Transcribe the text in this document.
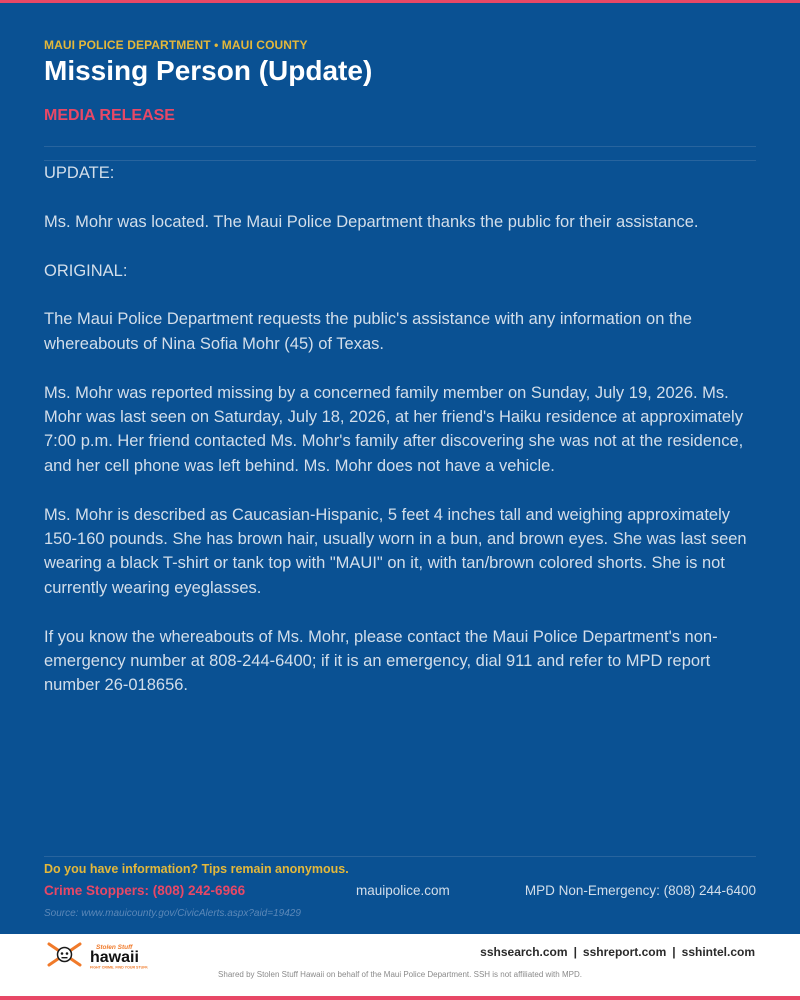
MAUI POLICE DEPARTMENT • MAUI COUNTY
Missing Person (Update)
MEDIA RELEASE

UPDATE:

Ms. Mohr was located. The Maui Police Department thanks the public for their assistance.

ORIGINAL:

The Maui Police Department requests the public's assistance with any information on the whereabouts of Nina Sofia Mohr (45) of Texas.

Ms. Mohr was reported missing by a concerned family member on Sunday, July 19, 2026. Ms. Mohr was last seen on Saturday, July 18, 2026, at her friend's Haiku residence at approximately 7:00 p.m. Her friend contacted Ms. Mohr's family after discovering she was not at the residence, and her cell phone was left behind. Ms. Mohr does not have a vehicle.

Ms. Mohr is described as Caucasian-Hispanic, 5 feet 4 inches tall and weighing approximately 150-160 pounds. She has brown hair, usually worn in a bun, and brown eyes. She was last seen wearing a black T-shirt or tank top with "MAUI" on it, with tan/brown colored shorts. She is not currently wearing eyeglasses.

If you know the whereabouts of Ms. Mohr, please contact the Maui Police Department's non-emergency number at 808-244-6400; if it is an emergency, dial 911 and refer to MPD report number 26-018656.

Do you have information? Tips remain anonymous.
Crime Stoppers: (808) 242-6966	mauipolice.com	MPD Non-Emergency: (808) 244-6400
Source: www.mauicounty.gov/CivicAlerts.aspx?aid=19429
Stolen Stuff
hawaii
FIGHT CRIME. FIND YOUR STUFF.
sshsearch.com | sshreport.com | sshintel.com
Shared by Stolen Stuff Hawaii on behalf of the Maui Police Department. SSH is not affiliated with MPD.
